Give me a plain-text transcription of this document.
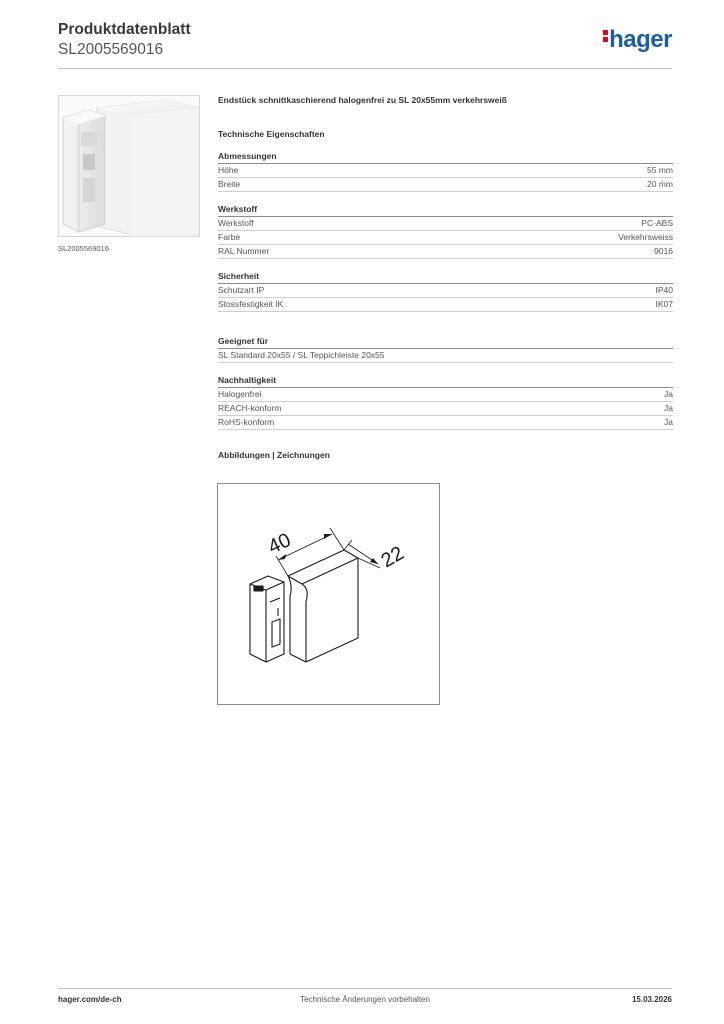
Produktdatenblatt
SL2005569016	hager
SL2005569016
Endstück schnittkaschierend halogenfrei zu SL 20x55mm verkehrsweiß
Technische Eigenschaften
Abmessungen
Höhe	55 mm
Breite	20 mm
Werkstoff
Werkstoff	PC-ABS
Farbe	Verkehrsweiss
RAL Nummer	9016
Sicherheit
Schutzart IP	IP40
Stossfestigkeit IK	IK07
Geeignet für
SL Standard 20x55 / SL Teppichleiste 20x55
Nachhaltigkeit
Halogenfrei	Ja
REACH-konform	Ja
RoHS-konform	Ja
Abbildungen | Zeichnungen
40	22
hager.com/de-ch	Technische Änderungen vorbehalten	15.03.2026
